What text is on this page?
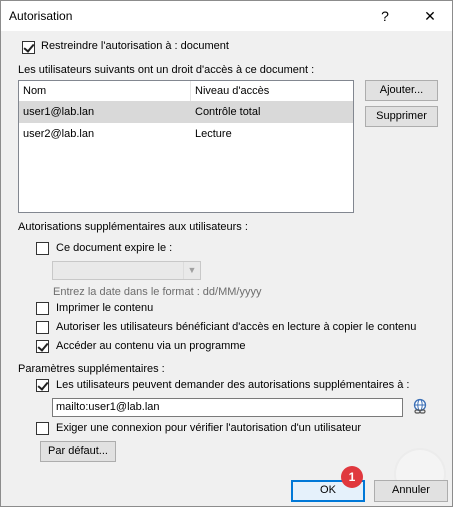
Autorisation	?	✕
Restreindre l'autorisation à : document
Les utilisateurs suivants ont un droit d'accès à ce document :
Nom	Niveau d'accès
user1@lab.lan	Contrôle total
user2@lab.lan	Lecture
Ajouter...
Supprimer
Autorisations supplémentaires aux utilisateurs :
Ce document expire le :
▼
Entrez la date dans le format : dd/MM/yyyy
Imprimer le contenu
Autoriser les utilisateurs bénéficiant d'accès en lecture à copier le contenu
Accéder au contenu via un programme
Paramètres supplémentaires :
Les utilisateurs peuvent demander des autorisations supplémentaires à :
mailto:user1@lab.lan
Exiger une connexion pour vérifier l'autorisation d'un utilisateur
Par défaut...
OK	Annuler
1
